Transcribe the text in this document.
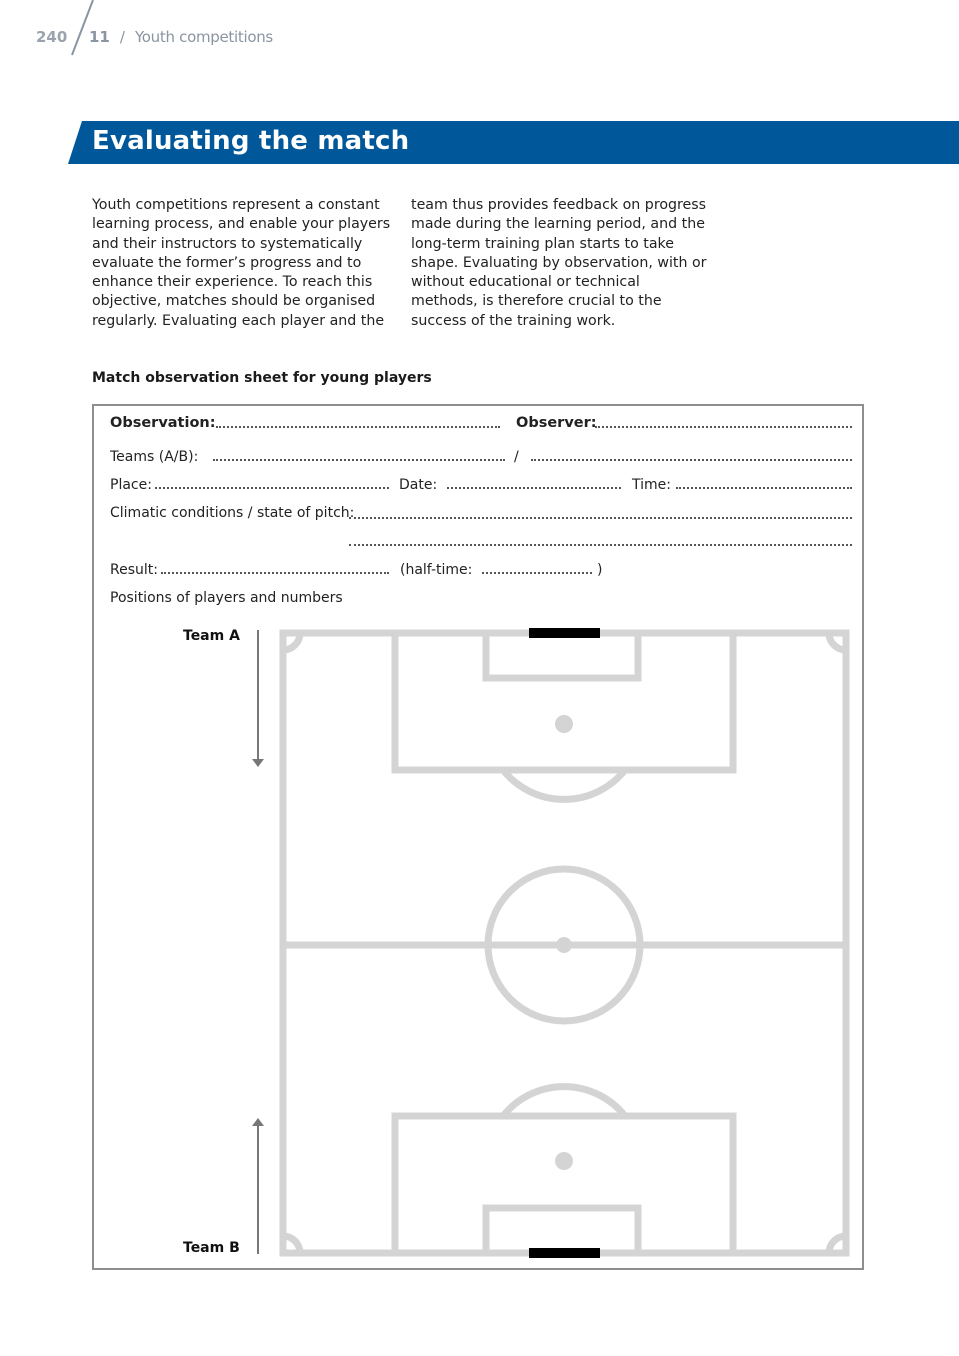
240 11 / Youth competitions
Evaluating the match

Youth competitions represent a constant learning process, and enable your players and their instructors to systematically evaluate the former’s progress and to enhance their experience. To reach this objective, matches should be organised regularly. Evaluating each player and the

team thus provides feedback on progress made during the learning period, and the long-term training plan starts to take shape. Evaluating by observation, with or without educational or technical methods, is therefore crucial to the success of the training work.

Match observation sheet for young players
Observation:	Observer:
Teams (A/B):	/
Place:	Date:	Time:
Climatic conditions / state of pitch:
Result:	(half-time:	)
Positions of players and numbers
Team A
Team B
